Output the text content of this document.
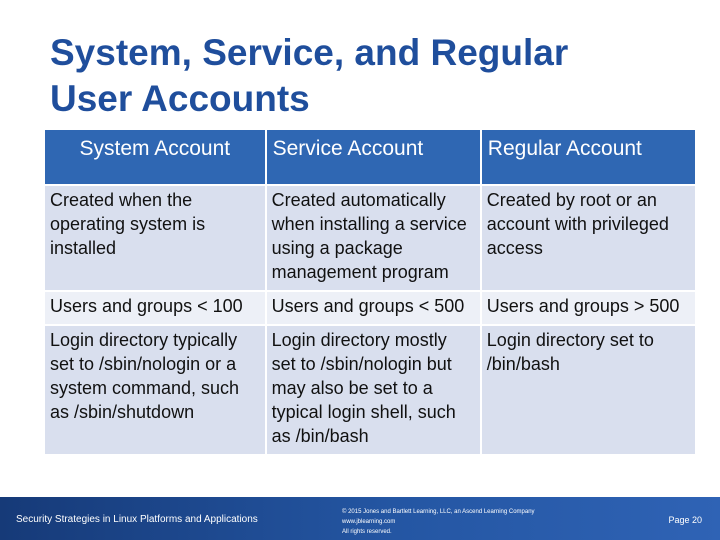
System, Service, and Regular
User Accounts
System Account	Service Account	Regular Account
Created when the operating system is installed	Created automatically when installing a service using a package management program	Created by root or an account with privileged access
Users and groups < 100	Users and groups < 500	Users and groups > 500
Login directory typically set to /sbin/nologin or a system command, such as /sbin/shutdown	Login directory mostly set to /sbin/nologin but may also be set to a typical login shell, such as /bin/bash	Login directory set to /bin/bash
Security Strategies in Linux Platforms and Applications
© 2015 Jones and Bartlett Learning, LLC, an Ascend Learning Company
www.jblearning.com
All rights reserved.
Page 20
